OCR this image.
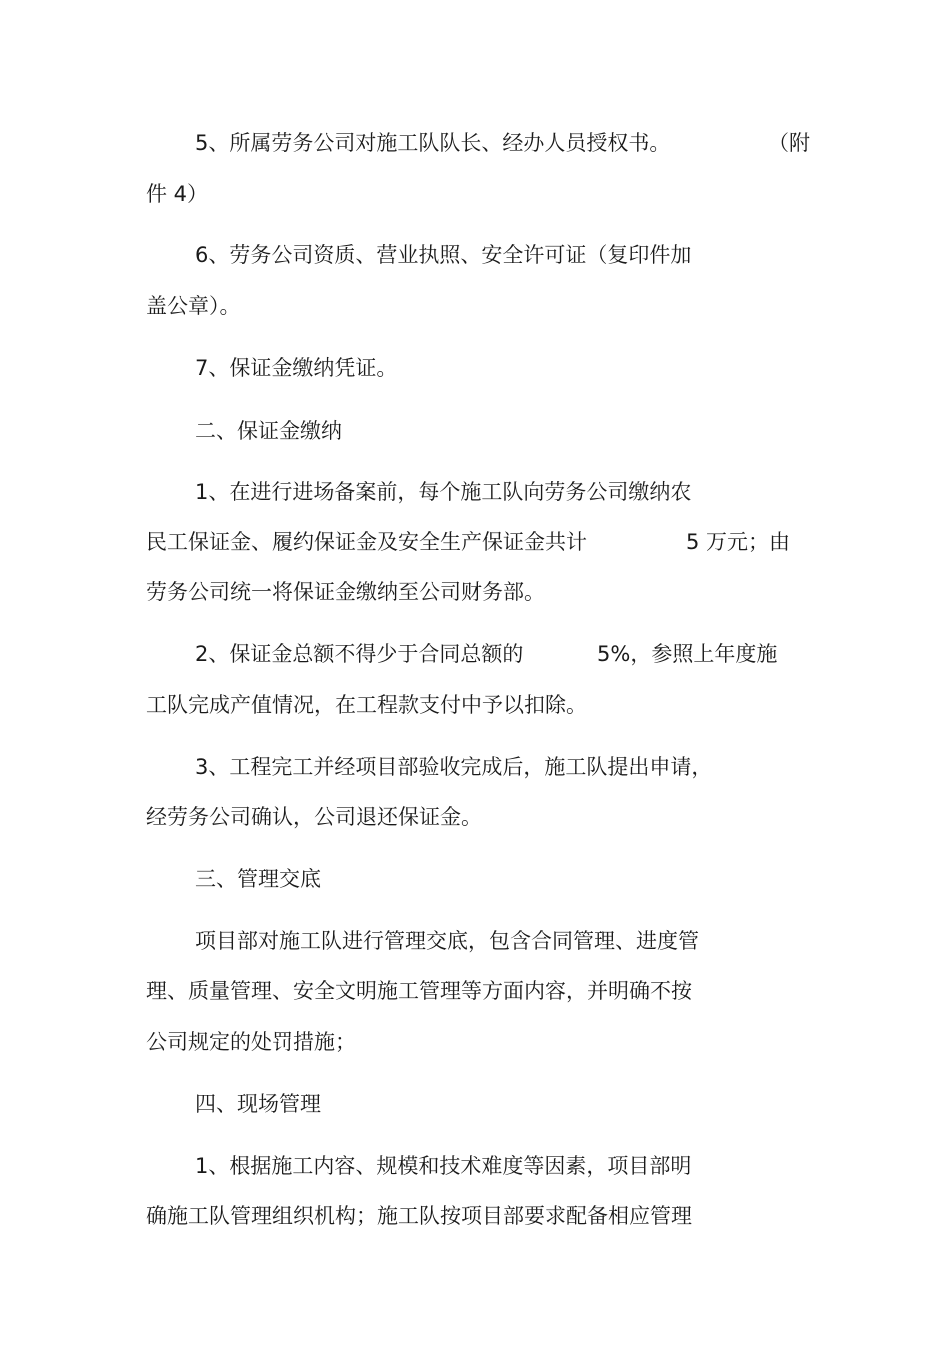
5、所属劳务公司对施工队队长、经办人员授权书。	（附
件 4）
6、劳务公司资质、营业执照、安全许可证（复印件加
盖公章）。
7、保证金缴纳凭证。
二、保证金缴纳
1、在进行进场备案前，每个施工队向劳务公司缴纳农
民工保证金、履约保证金及安全生产保证金共计	5 万元；由
劳务公司统一将保证金缴纳至公司财务部。
2、保证金总额不得少于合同总额的	5%，参照上年度施
工队完成产值情况，在工程款支付中予以扣除。
3、工程完工并经项目部验收完成后，施工队提出申请，
经劳务公司确认，公司退还保证金。
三、管理交底
项目部对施工队进行管理交底，包含合同管理、进度管
理、质量管理、安全文明施工管理等方面内容，并明确不按
公司规定的处罚措施；
四、现场管理
1、根据施工内容、规模和技术难度等因素，项目部明
确施工队管理组织机构；施工队按项目部要求配备相应管理
